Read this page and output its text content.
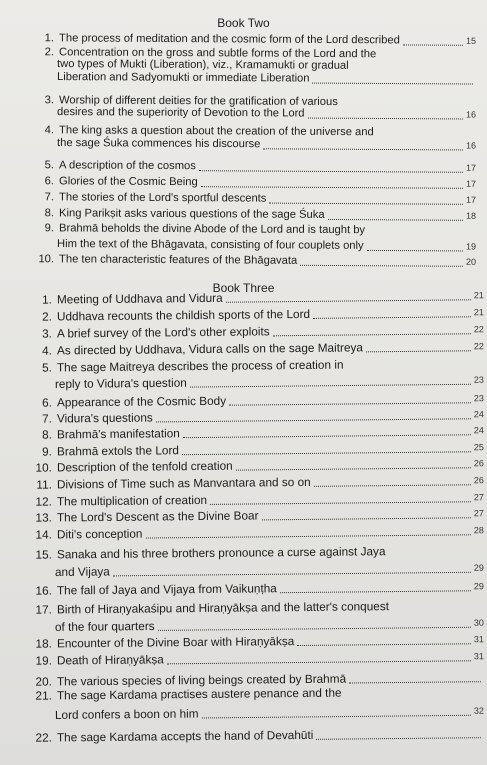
Book Two
1. The process of meditation and the cosmic form of the Lord described	15
2. Concentration on the gross and subtle forms of the Lord and the
two types of Mukti (Liberation), viz., Kramamukti or gradual
Liberation and Sadyomukti or immediate Liberation
3. Worship of different deities for the gratification of various
desires and the superiority of Devotion to the Lord	16
4. The king asks a question about the creation of the universe and
the sage Śuka commences his discourse	16
5. A description of the cosmos	17
6. Glories of the Cosmic Being	17
7. The stories of the Lord's sportful descents	17
8. King Parikṣit asks various questions of the sage Śuka	18
9. Brahmā beholds the divine Abode of the Lord and is taught by
Him the text of the Bhāgavata, consisting of four couplets only	19
10. The ten characteristic features of the Bhāgavata	20
Book Three
1. Meeting of Uddhava and Vidura	21
2. Uddhava recounts the childish sports of the Lord	21
3. A brief survey of the Lord's other exploits	22
4. As directed by Uddhava, Vidura calls on the sage Maitreya	22
5. The sage Maitreya describes the process of creation in
reply to Vidura's question	23
6. Appearance of the Cosmic Body	23
7. Vidura's questions	24
8. Brahmā's manifestation	24
9. Brahmā extols the Lord	25
10. Description of the tenfold creation	26
11. Divisions of Time such as Manvantara and so on	26
12. The multiplication of creation	27
13. The Lord's Descent as the Divine Boar	27
14. Diti's conception	28
15. Sanaka and his three brothers pronounce a curse against Jaya
and Vijaya	29
16. The fall of Jaya and Vijaya from Vaikuṇṭha	29
17. Birth of Hiraṇyakaśipu and Hiraṇyākṣa and the latter's conquest
of the four quarters	30
18. Encounter of the Divine Boar with Hiraṇyākṣa	31
19. Death of Hiraṇyākṣa	31
20. The various species of living beings created by Brahmā
21. The sage Kardama practises austere penance and the
Lord confers a boon on him	32
22. The sage Kardama accepts the hand of Devahūti
